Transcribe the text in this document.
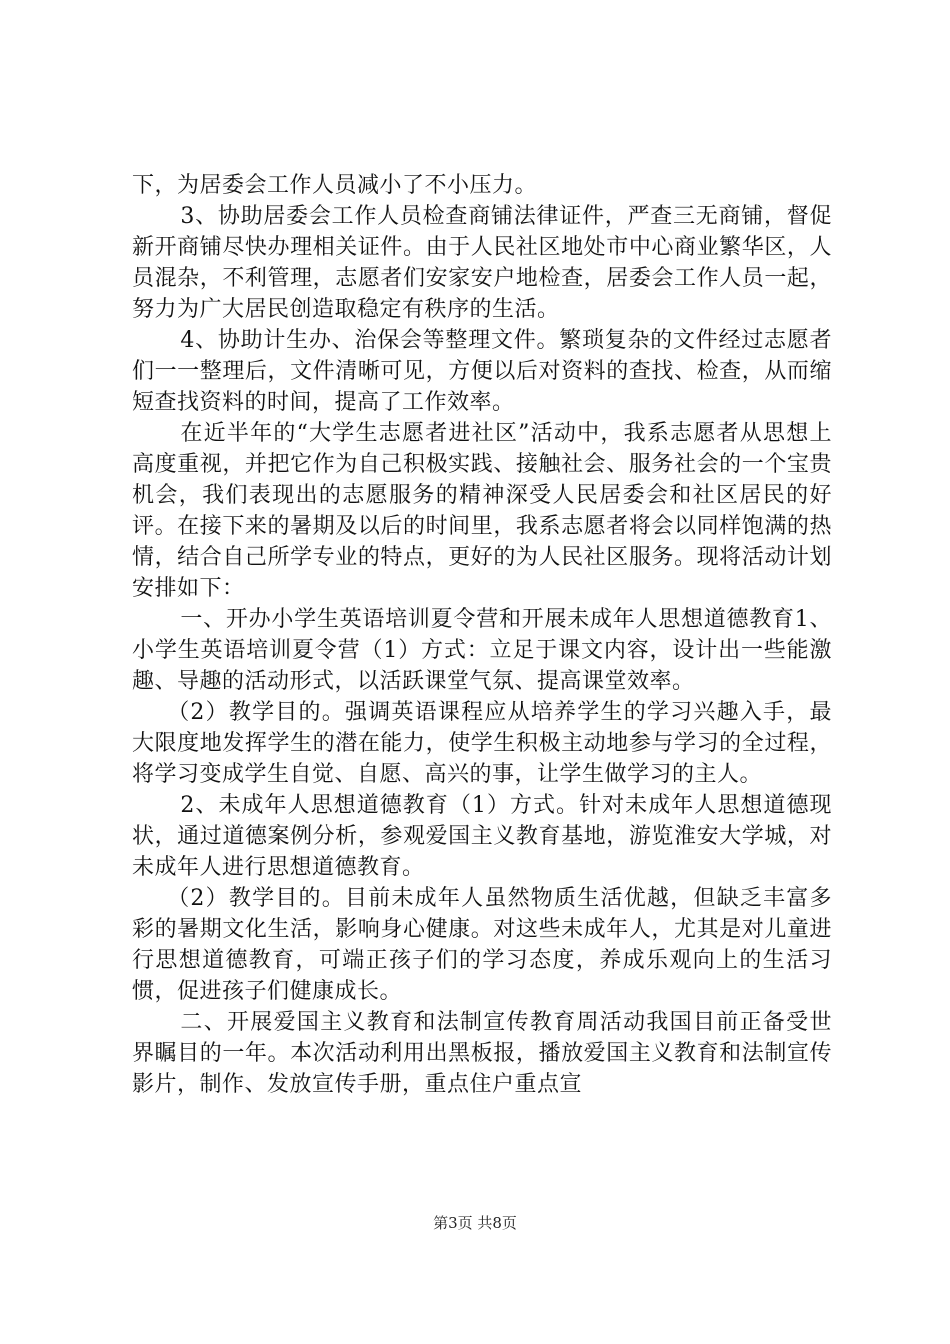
下，为居委会工作人员减小了不小压力。

3、协助居委会工作人员检查商铺法律证件，严查三无商铺，督促新开商铺尽快办理相关证件。由于人民社区地处市中心商业繁华区，人员混杂，不利管理，志愿者们安家安户地检查，居委会工作人员一起，努力为广大居民创造取稳定有秩序的生活。

4、协助计生办、治保会等整理文件。繁琐复杂的文件经过志愿者们一一整理后，文件清晰可见，方便以后对资料的查找、检查，从而缩短查找资料的时间，提高了工作效率。

在近半年的“大学生志愿者进社区”活动中，我系志愿者从思想上高度重视，并把它作为自己积极实践、接触社会、服务社会的一个宝贵机会，我们表现出的志愿服务的精神深受人民居委会和社区居民的好评。在接下来的暑期及以后的时间里，我系志愿者将会以同样饱满的热情，结合自己所学专业的特点，更好的为人民社区服务。现将活动计划安排如下：

一、开办小学生英语培训夏令营和开展未成年人思想道德教育1、小学生英语培训夏令营（1）方式：立足于课文内容，设计出一些能激趣、导趣的活动形式，以活跃课堂气氛、提高课堂效率。

（2）教学目的。强调英语课程应从培养学生的学习兴趣入手，最大限度地发挥学生的潜在能力，使学生积极主动地参与学习的全过程，将学习变成学生自觉、自愿、高兴的事，让学生做学习的主人。

2、未成年人思想道德教育（1）方式。针对未成年人思想道德现状，通过道德案例分析，参观爱国主义教育基地，游览淮安大学城，对未成年人进行思想道德教育。

（2）教学目的。目前未成年人虽然物质生活优越，但缺乏丰富多彩的暑期文化生活，影响身心健康。对这些未成年人，尤其是对儿童进行思想道德教育，可端正孩子们的学习态度，养成乐观向上的生活习惯，促进孩子们健康成长。

二、开展爱国主义教育和法制宣传教育周活动我国目前正备受世界瞩目的一年。本次活动利用出黑板报，播放爱国主义教育和法制宣传影片，制作、发放宣传手册，重点住户重点宣

第3页 共8页
